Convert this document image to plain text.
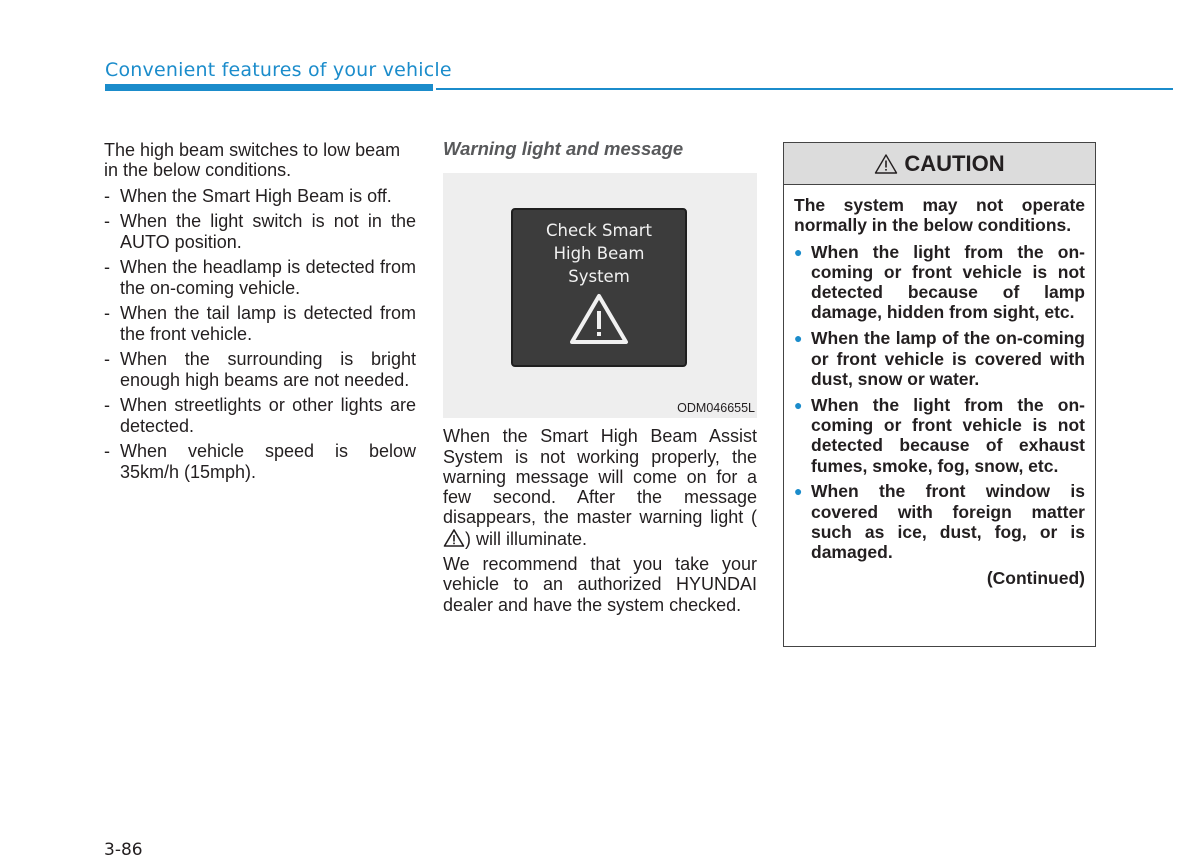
Convenient features of your vehicle

The high beam switches to low beam in the below conditions.

- When the Smart High Beam is off.
- When the light switch is not in the AUTO position.
- When the headlamp is detected from the on-coming vehicle.
- When the tail lamp is detected from the front vehicle.
- When the surrounding is bright enough high beams are not needed.
- When streetlights or other lights are detected.
- When vehicle speed is below 35km/h (15mph).
Warning light and message
Check Smart
High Beam
System
ODM046655L

When the Smart High Beam Assist System is not working properly, the warning message will come on for a few second. After the message disappears, the master warning light () will illuminate.

We recommend that you take your vehicle to an authorized HYUNDAI dealer and have the system checked.

CAUTION

The system may not operate normally in the below conditions.

● When the light from the on-coming or front vehicle is not detected because of lamp damage, hidden from sight, etc.
● When the lamp of the on-coming or front vehicle is covered with dust, snow or water.
● When the light from the on-coming or front vehicle is not detected because of exhaust fumes, smoke, fog, snow, etc.
● When the front window is covered with foreign matter such as ice, dust, fog, or is damaged.
(Continued)
3-86
